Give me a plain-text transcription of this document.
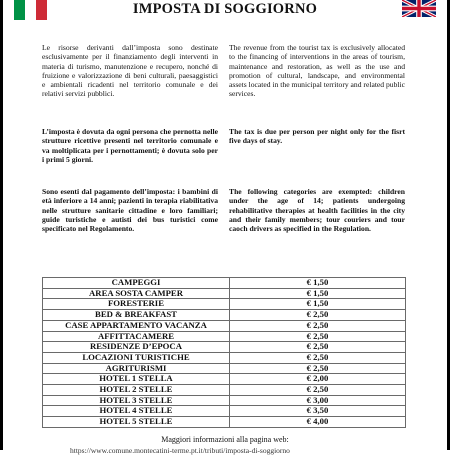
IMPOSTA DI SOGGIORNO

Le risorse derivanti dall’imposta sono destinate esclusivamente per il finanziamento degli interventi in materia di turismo, manutenzione e recupero, nonché di fruizione e valorizzazione di beni culturali, paesaggistici e ambientali ricadenti nel territorio comunale e dei relativi servizi pubblici.

L’imposta è dovuta da ogni persona che pernotta nelle strutture ricettive presenti nel territorio comunale e va moltiplicata per i pernottamenti; è dovuta solo per i primi 5 giorni.

Sono esenti dal pagamento dell’imposta: i bambini di età inferiore a 14 anni; pazienti in terapia riabilitativa nelle strutture sanitarie cittadine e loro familiari; guide turistiche e autisti dei bus turistici come specificato nel Regolamento.

The revenue from the tourist tax is exclusively allocated to the financing of interventions in the areas of tourism, maintenance and restoration, as well as the use and promotion of cultural, landscape, and environmental assets located in the municipal territory and related public services.

The tax is due per person per night only for the fisrt five days of stay.

The following categories are exempted: children under the age of 14; patients undergoing rehabilitative therapies at health facilities in the city and their family members; tour couriers and tour caoch drivers as specified in the Regulation.

CAMPEGGI	€ 1,50
AREA SOSTA CAMPER	€ 1,50
FORESTERIE	€ 1,50
BED & BREAKFAST	€ 2,50
CASE APPARTAMENTO VACANZA	€ 2,50
AFFITTACAMERE	€ 2,50
RESIDENZE D’EPOCA	€ 2,50
LOCAZIONI TURISTICHE	€ 2,50
AGRITURISMI	€ 2,50
HOTEL 1 STELLA	€ 2,00
HOTEL 2 STELLE	€ 2,50
HOTEL 3 STELLE	€ 3,00
HOTEL 4 STELLE	€ 3,50
HOTEL 5 STELLE	€ 4,00
Maggiori informazioni alla pagina web:
https://www.comune.montecatini-terme.pt.it/tributi/imposta-di-soggiorno
